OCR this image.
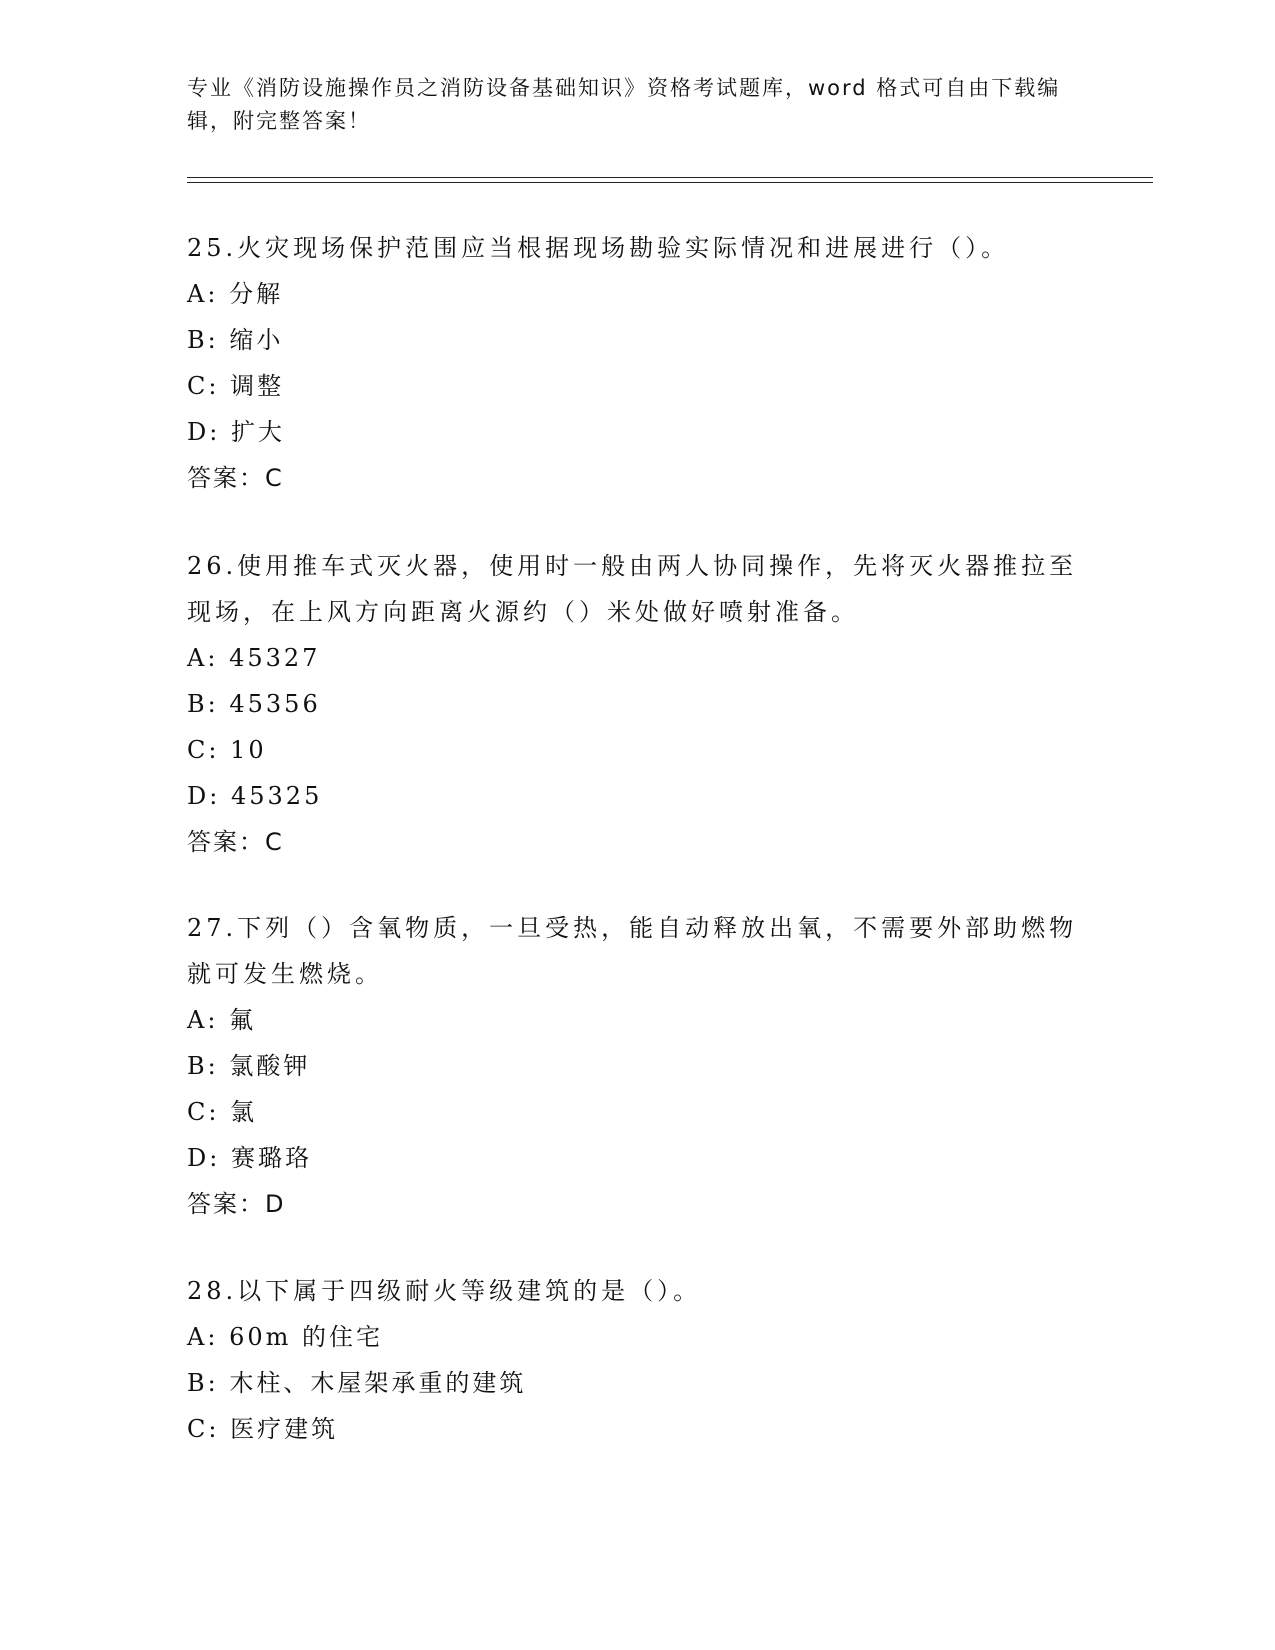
专业《消防设施操作员之消防设备基础知识》资格考试题库，word 格式可自由下载编辑，附完整答案！

25.火灾现场保护范围应当根据现场勘验实际情况和进展进行（）。

A: 分解
B: 缩小
C: 调整
D: 扩大
答案：C

26.使用推车式灭火器，使用时一般由两人协同操作，先将灭火器推拉至现场，在上风方向距离火源约（）米处做好喷射准备。

A: 45327
B: 45356
C: 10
D: 45325
答案：C

27.下列（）含氧物质，一旦受热，能自动释放出氧，不需要外部助燃物就可发生燃烧。

A: 氟
B: 氯酸钾
C: 氯
D: 赛璐珞
答案：D

28.以下属于四级耐火等级建筑的是（）。

A: 60m 的住宅
B: 木柱、木屋架承重的建筑
C: 医疗建筑
